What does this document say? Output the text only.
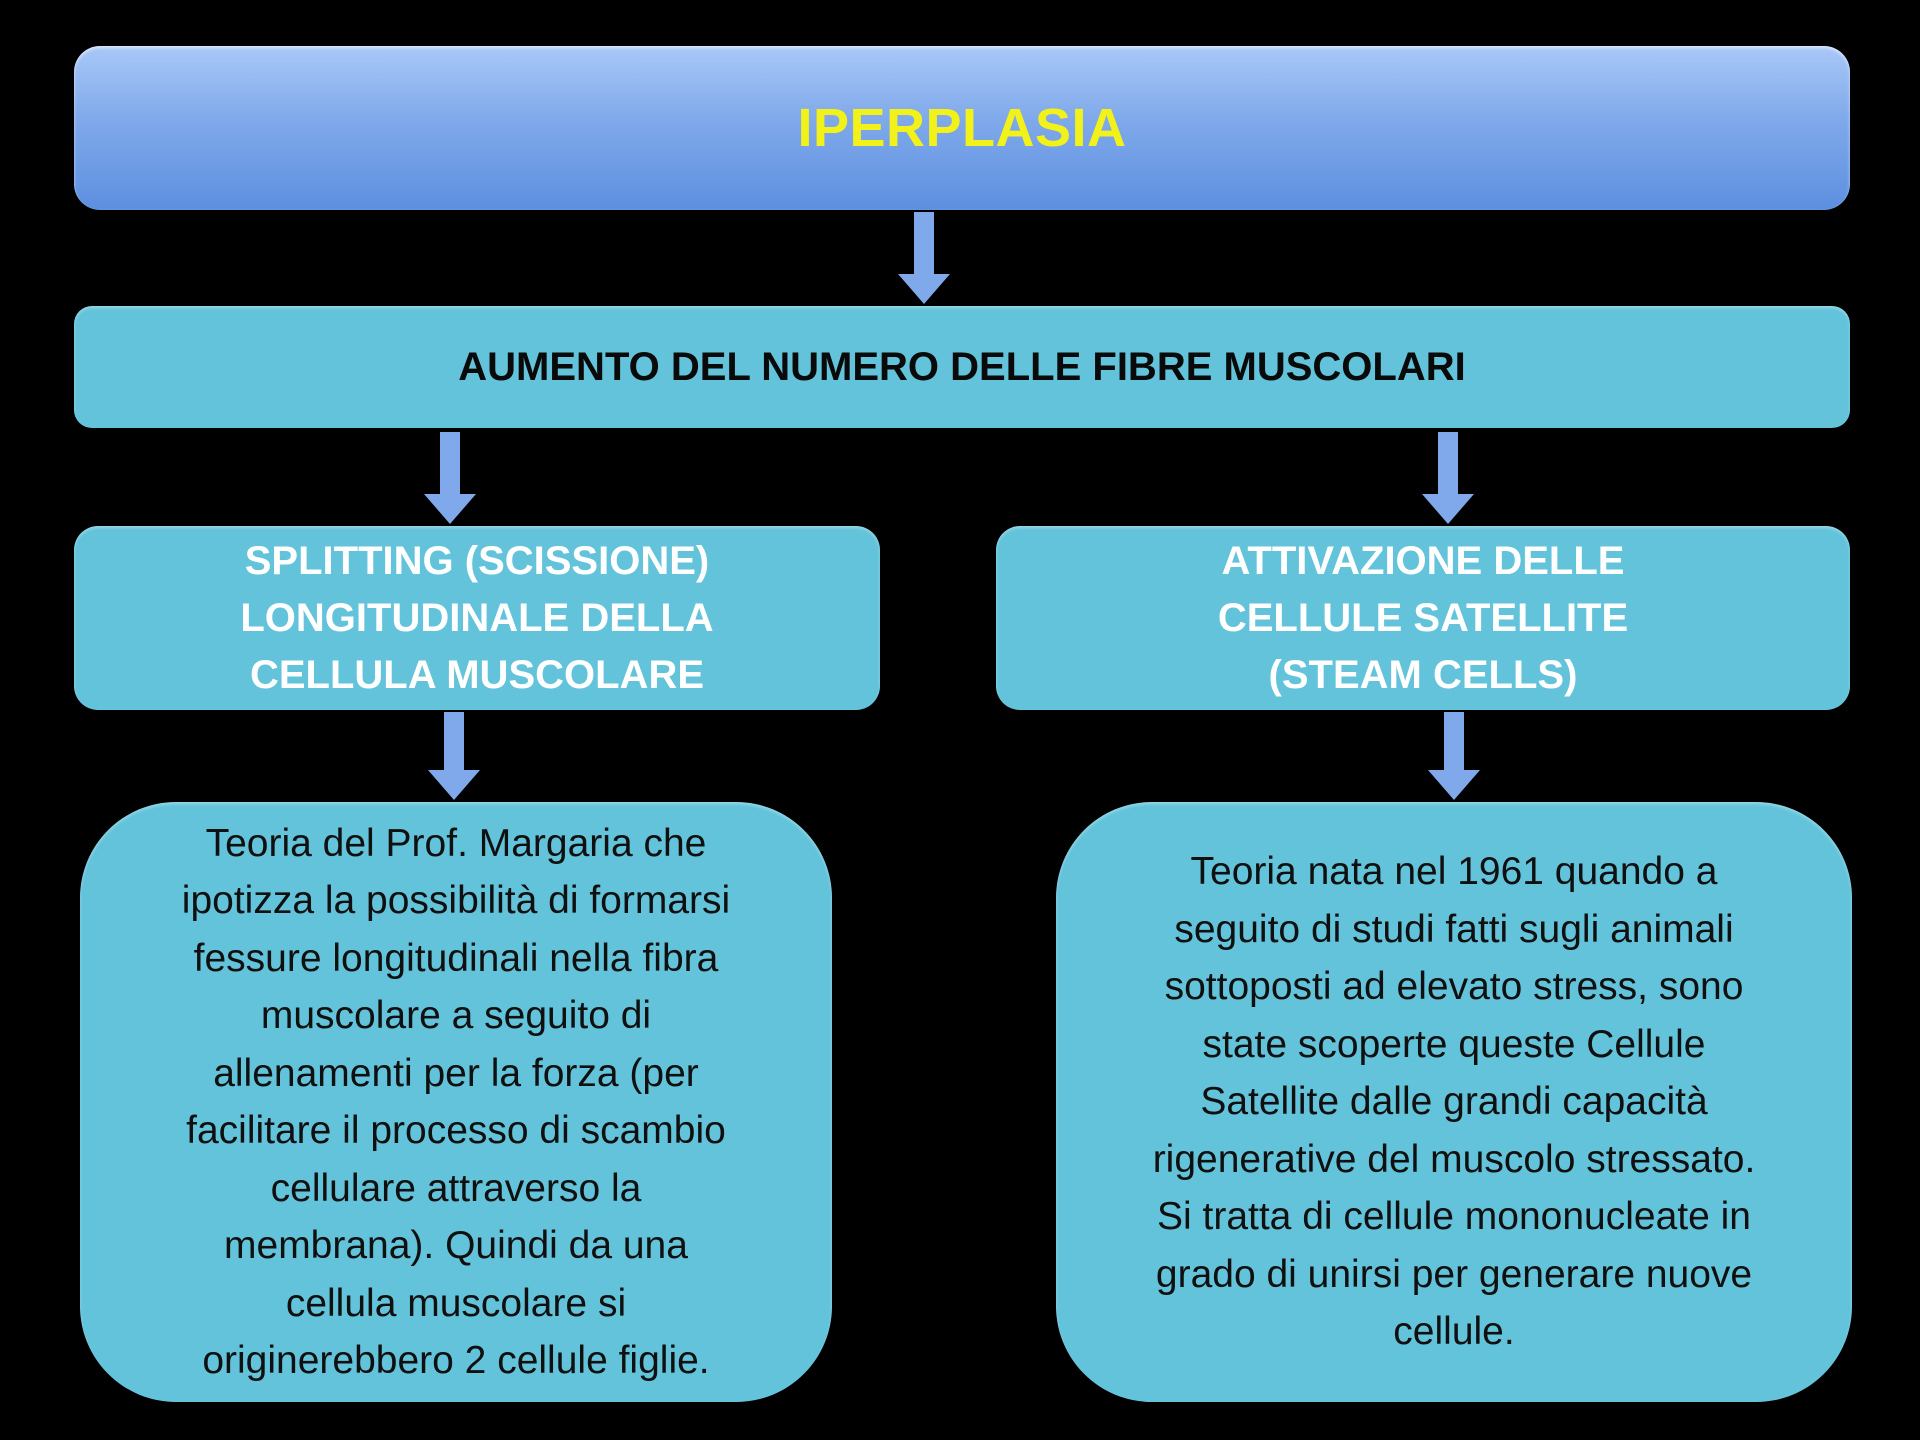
IPERPLASIA
AUMENTO DEL NUMERO DELLE FIBRE MUSCOLARI
SPLITTING (SCISSIONE)
LONGITUDINALE DELLA
CELLULA MUSCOLARE
ATTIVAZIONE DELLE
CELLULE SATELLITE
(STEAM CELLS)
Teoria del Prof. Margaria che
ipotizza la possibilità di formarsi
fessure longitudinali nella fibra
muscolare a seguito di
allenamenti per la forza (per
facilitare il processo di scambio
cellulare attraverso la
membrana). Quindi da una
cellula muscolare si
originerebbero 2 cellule figlie.
Teoria nata nel 1961 quando a
seguito di studi fatti sugli animali
sottoposti ad elevato stress, sono
state scoperte queste Cellule
Satellite dalle grandi capacità
rigenerative del muscolo stressato.
Si tratta di cellule mononucleate in
grado di unirsi per generare nuove
cellule.
